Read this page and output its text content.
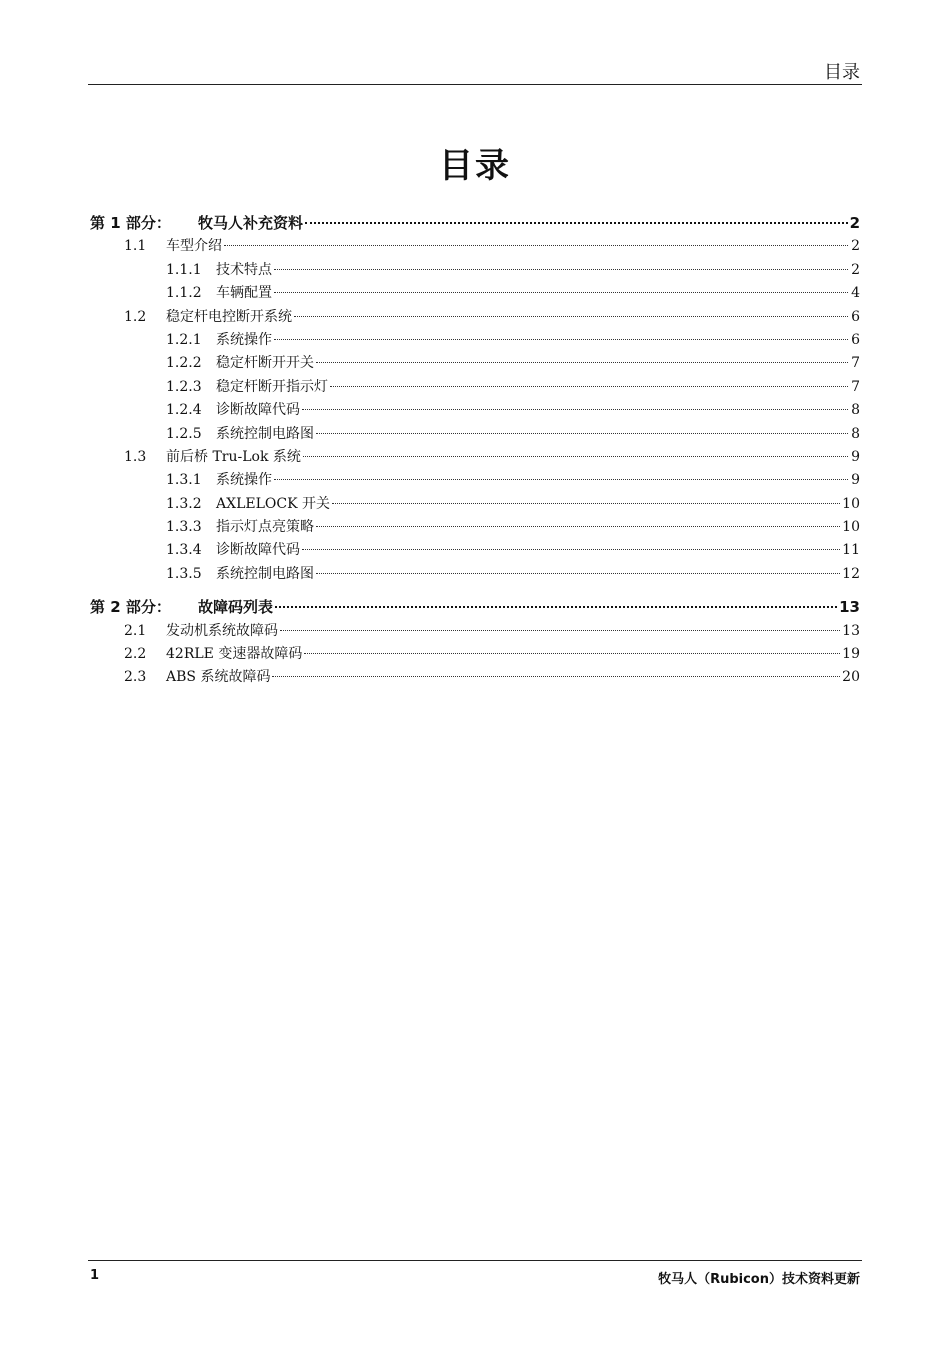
目录
目录
第 1 部分：	牧马人补充资料	2
1.1	车型介绍	2
1.1.1	技术特点	2
1.1.2	车辆配置	4
1.2	稳定杆电控断开系统	6
1.2.1	系统操作	6
1.2.2	稳定杆断开开关	7
1.2.3	稳定杆断开指示灯	7
1.2.4	诊断故障代码	8
1.2.5	系统控制电路图	8
1.3	前后桥 Tru-Lok 系统	9
1.3.1	系统操作	9
1.3.2	AXLELOCK 开关	10
1.3.3	指示灯点亮策略	10
1.3.4	诊断故障代码	11
1.3.5	系统控制电路图	12
第 2 部分：	故障码列表	13
2.1	发动机系统故障码	13
2.2	42RLE 变速器故障码	19
2.3	ABS 系统故障码	20
1	牧马人（Rubicon）技术资料更新
